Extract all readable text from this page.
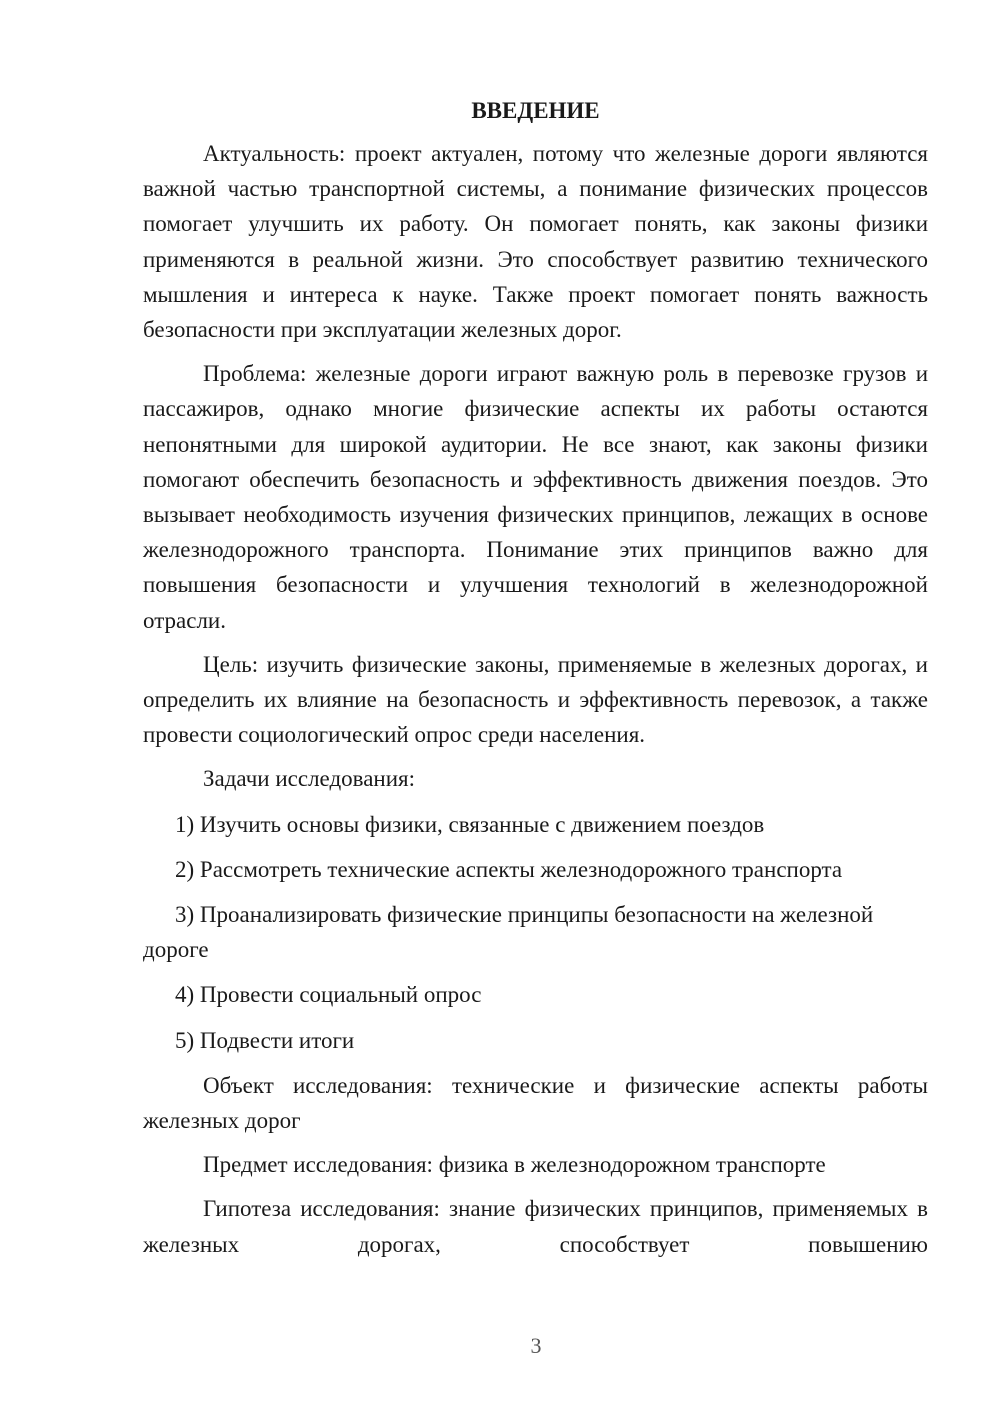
ВВЕДЕНИЕ

Актуальность: проект актуален, потому что железные дороги являются важной частью транспортной системы, а понимание физических процессов помогает улучшить их работу. Он помогает понять, как законы физики применяются в реальной жизни. Это способствует развитию технического мышления и интереса к науке. Также проект помогает понять важность безопасности при эксплуатации железных дорог.

Проблема: железные дороги играют важную роль в перевозке грузов и пассажиров, однако многие физические аспекты их работы остаются непонятными для широкой аудитории. Не все знают, как законы физики помогают обеспечить безопасность и эффективность движения поездов. Это вызывает необходимость изучения физических принципов, лежащих в основе железнодорожного транспорта. Понимание этих принципов важно для повышения безопасности и улучшения технологий в железнодорожной отрасли.

Цель: изучить физические законы, применяемые в железных дорогах, и определить их влияние на безопасность и эффективность перевозок, а также провести социологический опрос среди населения.

Задачи исследования:

1) Изучить основы физики, связанные с движением поездов

2) Рассмотреть технические аспекты железнодорожного транспорта

3) Проанализировать физические принципы безопасности на железной дороге

4) Провести социальный опрос

5) Подвести итоги

Объект исследования: технические и физические аспекты работы железных дорог

Предмет исследования: физика в железнодорожном транспорте

Гипотеза исследования: знание физических принципов, применяемых в железных дорогах, способствует повышению

3
